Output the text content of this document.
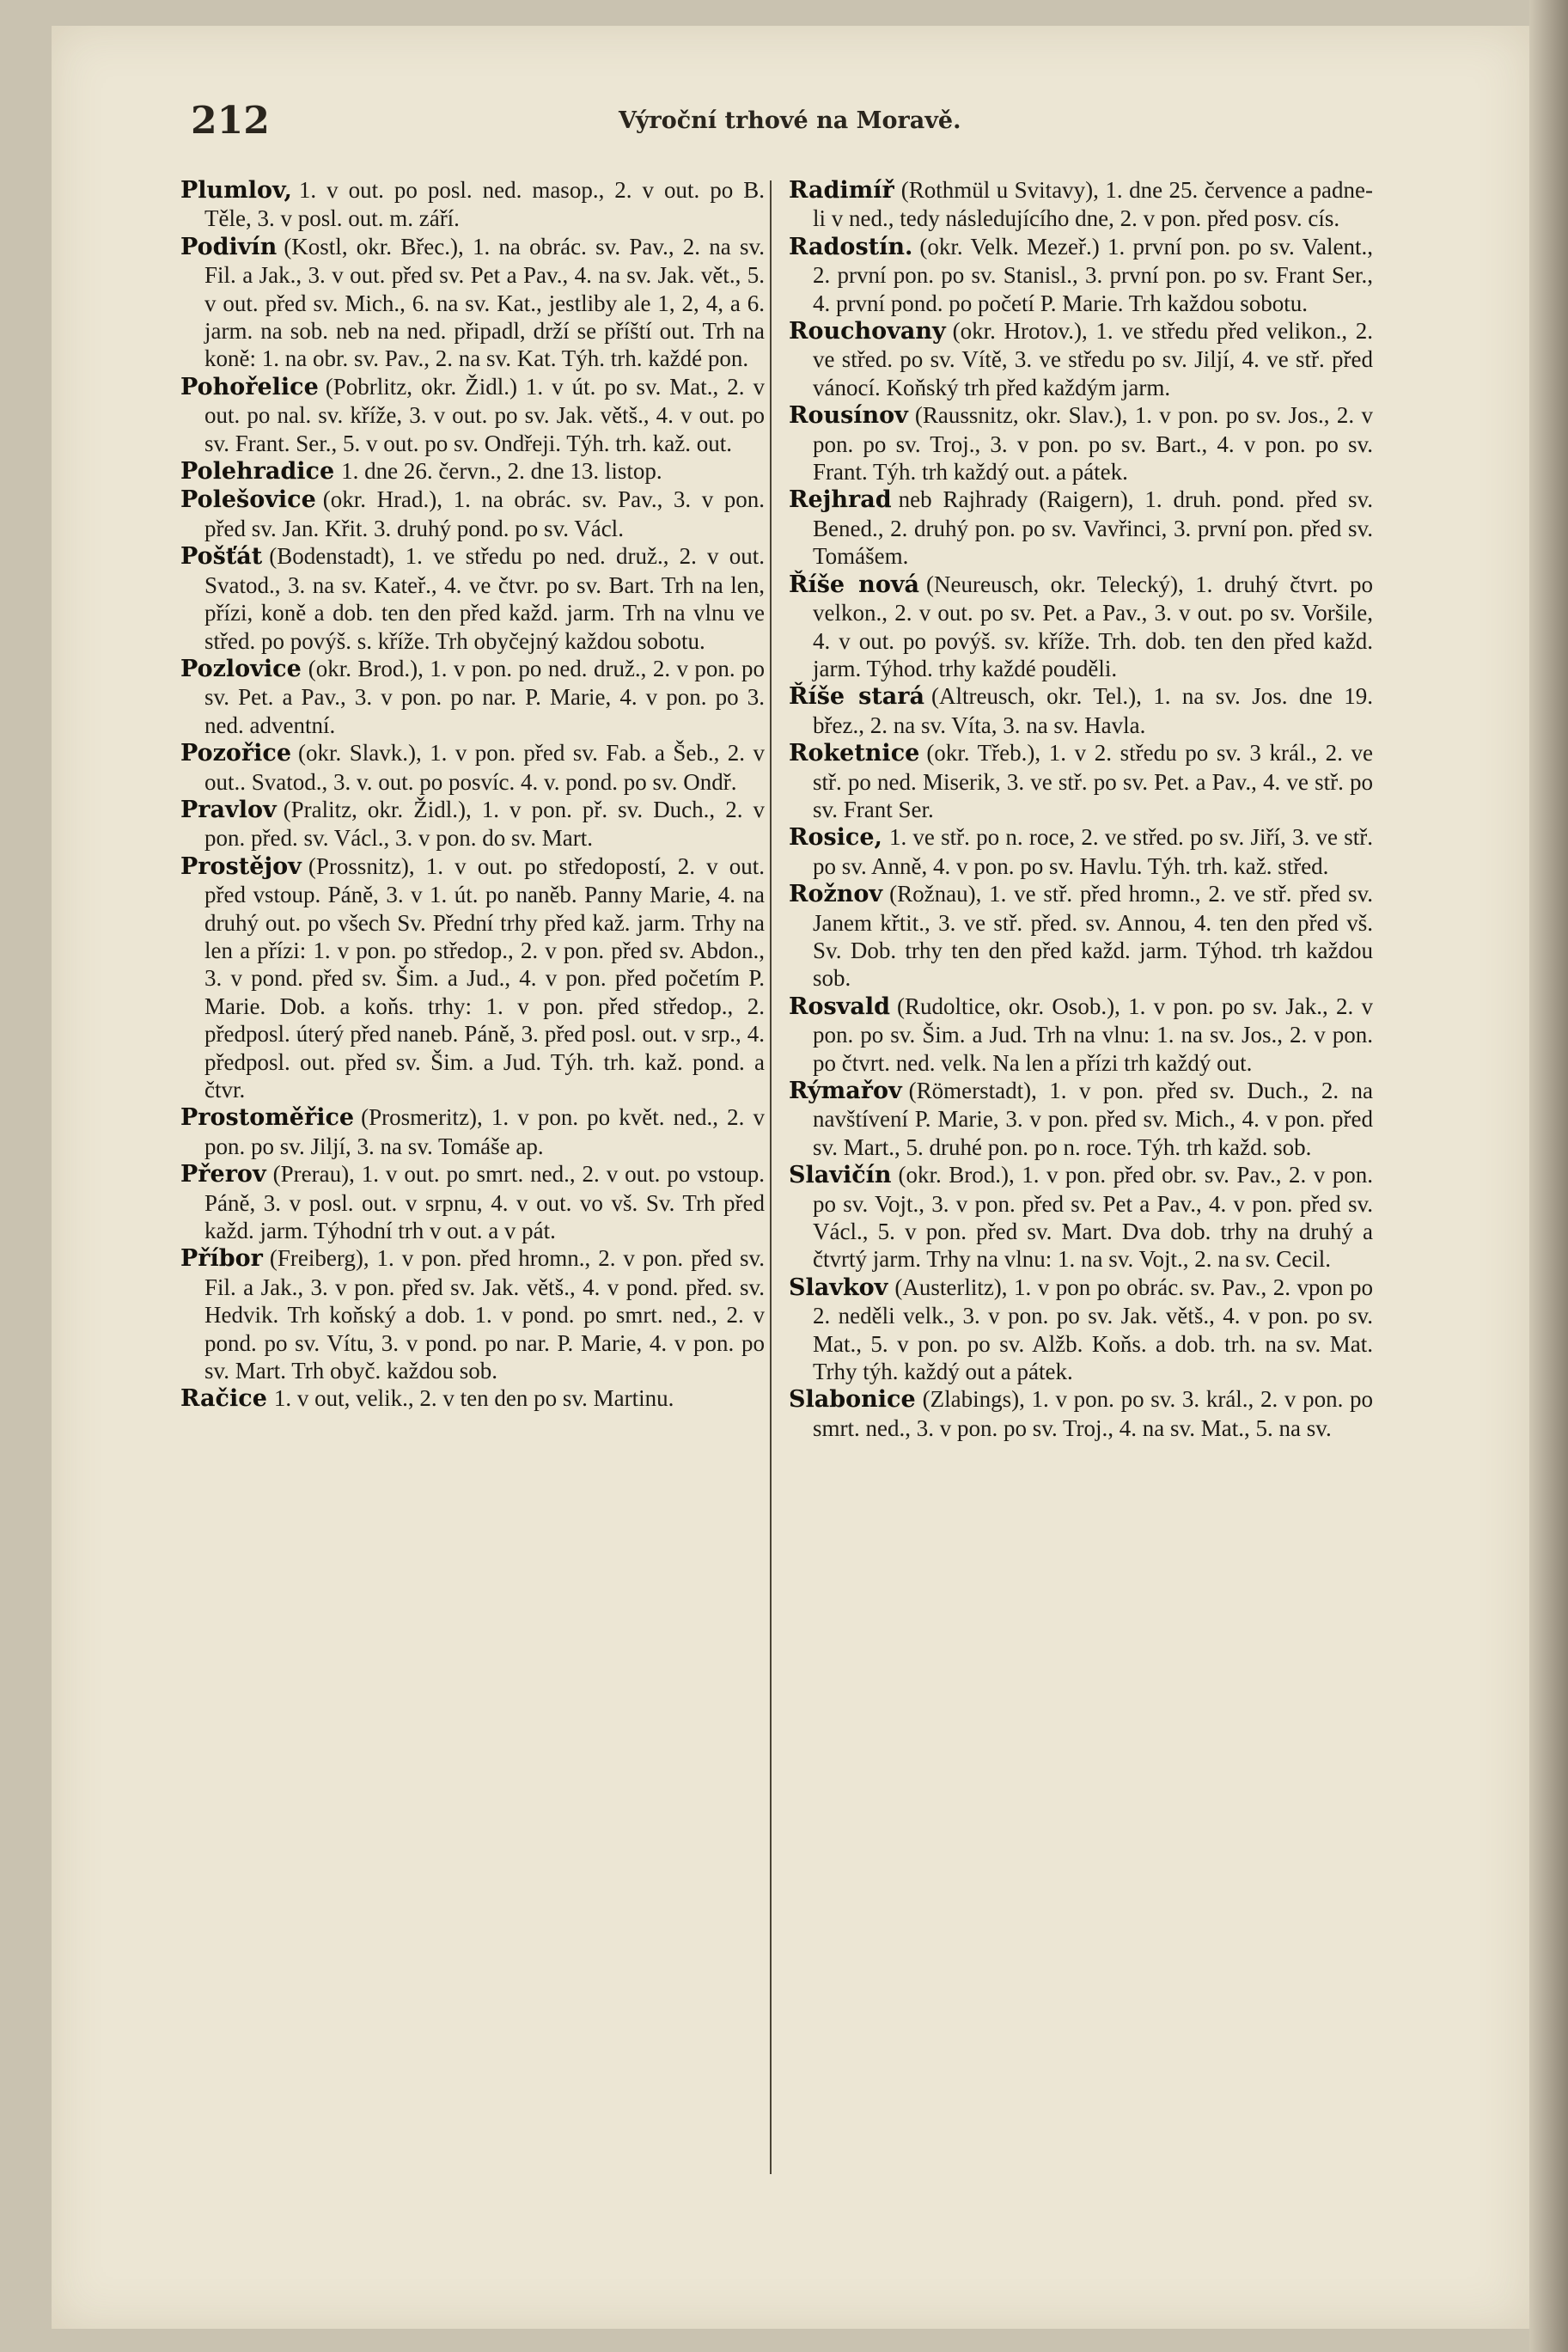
212	Výroční trhové na Moravě.

Plumlov, 1. v out. po posl. ned. masop., 2. v out. po B. Těle, 3. v posl. out. m. září.

Podivín (Kostl, okr. Břec.), 1. na obrác. sv. Pav., 2. na sv. Fil. a Jak., 3. v out. před sv. Pet a Pav., 4. na sv. Jak. vět., 5. v out. před sv. Mich., 6. na sv. Kat., jestliby ale 1, 2, 4, a 6. jarm. na sob. neb na ned. připadl, drží se příští out. Trh na koně: 1. na obr. sv. Pav., 2. na sv. Kat. Týh. trh. každé pon.

Pohořelice (Pobrlitz, okr. Židl.) 1. v út. po sv. Mat., 2. v out. po nal. sv. kříže, 3. v out. po sv. Jak. větš., 4. v out. po sv. Frant. Ser., 5. v out. po sv. Ondřeji. Týh. trh. kaž. out.

Polehradice 1. dne 26. červn., 2. dne 13. listop.

Polešovice (okr. Hrad.), 1. na obrác. sv. Pav., 3. v pon. před sv. Jan. Křit. 3. druhý pond. po sv. Václ.

Pošťát (Bodenstadt), 1. ve středu po ned. druž., 2. v out. Svatod., 3. na sv. Kateř., 4. ve čtvr. po sv. Bart. Trh na len, přízi, koně a dob. ten den před každ. jarm. Trh na vlnu ve střed. po povýš. s. kříže. Trh obyčejný každou sobotu.

Pozlovice (okr. Brod.), 1. v pon. po ned. druž., 2. v pon. po sv. Pet. a Pav., 3. v pon. po nar. P. Marie, 4. v pon. po 3. ned. adventní.

Pozořice (okr. Slavk.), 1. v pon. před sv. Fab. a Šeb., 2. v out.. Svatod., 3. v. out. po posvíc. 4. v. pond. po sv. Ondř.

Pravlov (Pralitz, okr. Židl.), 1. v pon. př. sv. Duch., 2. v pon. před. sv. Václ., 3. v pon. do sv. Mart.

Prostějov (Prossnitz), 1. v out. po středopostí, 2. v out. před vstoup. Páně, 3. v 1. út. po naněb. Panny Marie, 4. na druhý out. po všech Sv. Přední trhy před kaž. jarm. Trhy na len a přízi: 1. v pon. po středop., 2. v pon. před sv. Abdon., 3. v pond. před sv. Šim. a Jud., 4. v pon. před početím P. Marie. Dob. a koňs. trhy: 1. v pon. před středop., 2. předposl. úterý před naneb. Páně, 3. před posl. out. v srp., 4. předposl. out. před sv. Šim. a Jud. Týh. trh. kaž. pond. a čtvr.

Prostoměřice (Prosmeritz), 1. v pon. po květ. ned., 2. v pon. po sv. Jiljí, 3. na sv. Tomáše ap.

Přerov (Prerau), 1. v out. po smrt. ned., 2. v out. po vstoup. Páně, 3. v posl. out. v srpnu, 4. v out. vo vš. Sv. Trh před každ. jarm. Týhodní trh v out. a v pát.

Příbor (Freiberg), 1. v pon. před hromn., 2. v pon. před sv. Fil. a Jak., 3. v pon. před sv. Jak. větš., 4. v pond. před. sv. Hedvik. Trh koňský a dob. 1. v pond. po smrt. ned., 2. v pond. po sv. Vítu, 3. v pond. po nar. P. Marie, 4. v pon. po sv. Mart. Trh obyč. každou sob.

Račice 1. v out, velik., 2. v ten den po sv. Martinu.

Radimíř (Rothmül u Svitavy), 1. dne 25. července a padne-li v ned., tedy následujícího dne, 2. v pon. před posv. cís.

Radostín. (okr. Velk. Mezeř.) 1. první pon. po sv. Valent., 2. první pon. po sv. Stanisl., 3. první pon. po sv. Frant Ser., 4. první pond. po početí P. Marie. Trh každou sobotu.

Rouchovany (okr. Hrotov.), 1. ve středu před velikon., 2. ve střed. po sv. Vítě, 3. ve středu po sv. Jiljí, 4. ve stř. před vánocí. Koňský trh před každým jarm.

Rousínov (Raussnitz, okr. Slav.), 1. v pon. po sv. Jos., 2. v pon. po sv. Troj., 3. v pon. po sv. Bart., 4. v pon. po sv. Frant. Týh. trh každý out. a pátek.

Rejhrad neb Rajhrady (Raigern), 1. druh. pond. před sv. Bened., 2. druhý pon. po sv. Vavřinci, 3. první pon. před sv. Tomášem.

Říše nová (Neureusch, okr. Telecký), 1. druhý čtvrt. po velkon., 2. v out. po sv. Pet. a Pav., 3. v out. po sv. Voršile, 4. v out. po povýš. sv. kříže. Trh. dob. ten den před každ. jarm. Týhod. trhy každé pouděli.

Říše stará (Altreusch, okr. Tel.), 1. na sv. Jos. dne 19. břez., 2. na sv. Víta, 3. na sv. Havla.

Roketnice (okr. Třeb.), 1. v 2. středu po sv. 3 král., 2. ve stř. po ned. Miserik, 3. ve stř. po sv. Pet. a Pav., 4. ve stř. po sv. Frant Ser.

Rosice, 1. ve stř. po n. roce, 2. ve střed. po sv. Jiří, 3. ve stř. po sv. Anně, 4. v pon. po sv. Havlu. Týh. trh. kaž. střed.

Rožnov (Rožnau), 1. ve stř. před hromn., 2. ve stř. před sv. Janem křtit., 3. ve stř. před. sv. Annou, 4. ten den před vš. Sv. Dob. trhy ten den před každ. jarm. Týhod. trh každou sob.

Rosvald (Rudoltice, okr. Osob.), 1. v pon. po sv. Jak., 2. v pon. po sv. Šim. a Jud. Trh na vlnu: 1. na sv. Jos., 2. v pon. po čtvrt. ned. velk. Na len a přízi trh každý out.

Rýmařov (Römerstadt), 1. v pon. před sv. Duch., 2. na navštívení P. Marie, 3. v pon. před sv. Mich., 4. v pon. před sv. Mart., 5. druhé pon. po n. roce. Týh. trh každ. sob.

Slavičín (okr. Brod.), 1. v pon. před obr. sv. Pav., 2. v pon. po sv. Vojt., 3. v pon. před sv. Pet a Pav., 4. v pon. před sv. Václ., 5. v pon. před sv. Mart. Dva dob. trhy na druhý a čtvrtý jarm. Trhy na vlnu: 1. na sv. Vojt., 2. na sv. Cecil.

Slavkov (Austerlitz), 1. v pon po obrác. sv. Pav., 2. vpon po 2. neděli velk., 3. v pon. po sv. Jak. větš., 4. v pon. po sv. Mat., 5. v pon. po sv. Alžb. Koňs. a dob. trh. na sv. Mat. Trhy týh. každý out a pátek.

Slabonice (Zlabings), 1. v pon. po sv. 3. král., 2. v pon. po smrt. ned., 3. v pon. po sv. Troj., 4. na sv. Mat., 5. na sv.
